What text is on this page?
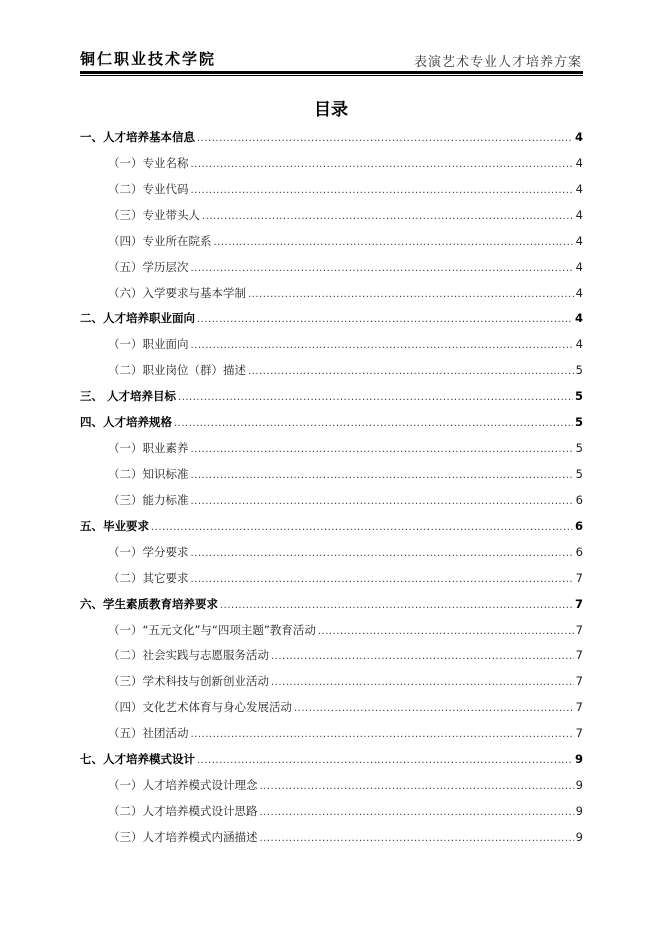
铜仁职业技术学院	表演艺术专业人才培养方案
目录
一、人才培养基本信息 .....	4
（一）专业名称 .....	4
（二）专业代码 .....	4
（三）专业带头人 .....	4
（四）专业所在院系 .....	4
（五）学历层次 .....	4
（六）入学要求与基本学制 .....	4
二、人才培养职业面向 .....	4
（一）职业面向 .....	4
（二）职业岗位（群）描述 .....	5
三、 人才培养目标 .....	5
四、人才培养规格 .....	5
（一）职业素养 .....	5
（二）知识标准 .....	5
（三）能力标准 .....	6
五、毕业要求 .....	6
（一）学分要求 .....	6
（二）其它要求 .....	7
六、学生素质教育培养要求 .....	7
（一）“五元文化”与“四项主题”教育活动 .....	7
（二）社会实践与志愿服务活动 .....	7
（三）学术科技与创新创业活动 .....	7
（四）文化艺术体育与身心发展活动 .....	7
（五）社团活动 .....	7
七、人才培养模式设计 .....	9
（一）人才培养模式设计理念 .....	9
（二）人才培养模式设计思路 .....	9
（三）人才培养模式内涵描述 .....	9
